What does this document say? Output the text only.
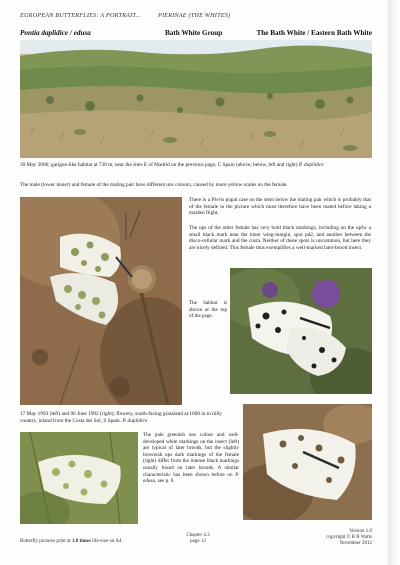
EUROPEAN BUTTERFLIES: A PORTRAIT...	PIERINAE (THE WHITES)
Pontia daplidice / edusa	Bath White Group	The Bath White / Eastern Bath White
30 May 2006; garigue-like habitat at 730 m, near the sites E of Madrid on the previous page, C Spain (above; below, left and right) P. daplidice
The male (lower insect) and female of the mating pair have different uns colours, caused by more yellow scales on the female.

There is a Pieris pupal case on the stem below the mating pair which is probably that of the female in the picture which must therefore have been mated before taking a maiden flight.

The ups of the other female has very bold black markings, including on the upfw a small black mark near the inner wing-margin, spot pd2, and another between the disco-cellular mark and the costa. Neither of these spots is uncommon, but here they are nicely defined. This female thus exemplifies a well-marked later-brood insect.

The habitat is shown at the top of the page.

17 May 1993 (left) and 06 June 1992 (right); flowery, south-facing grassland at 1000 m in hilly country, inland from the Costa del Sol, S Spain. P. daplidice
The pale greenish uns colour and well-developed white markings on the insect (left) are typical of later broods, but the slightly brownish ups dark markings of the female (right) differ from the intense black markings usually found on later broods. A similar characteristic has been shown before on P. edusa, see p. 8.
Butterfly pictures print at 1.8 times life-size on A4
Chapter 4.3
page 12
Version 1.0
copyright © B R Watts
November 2012
